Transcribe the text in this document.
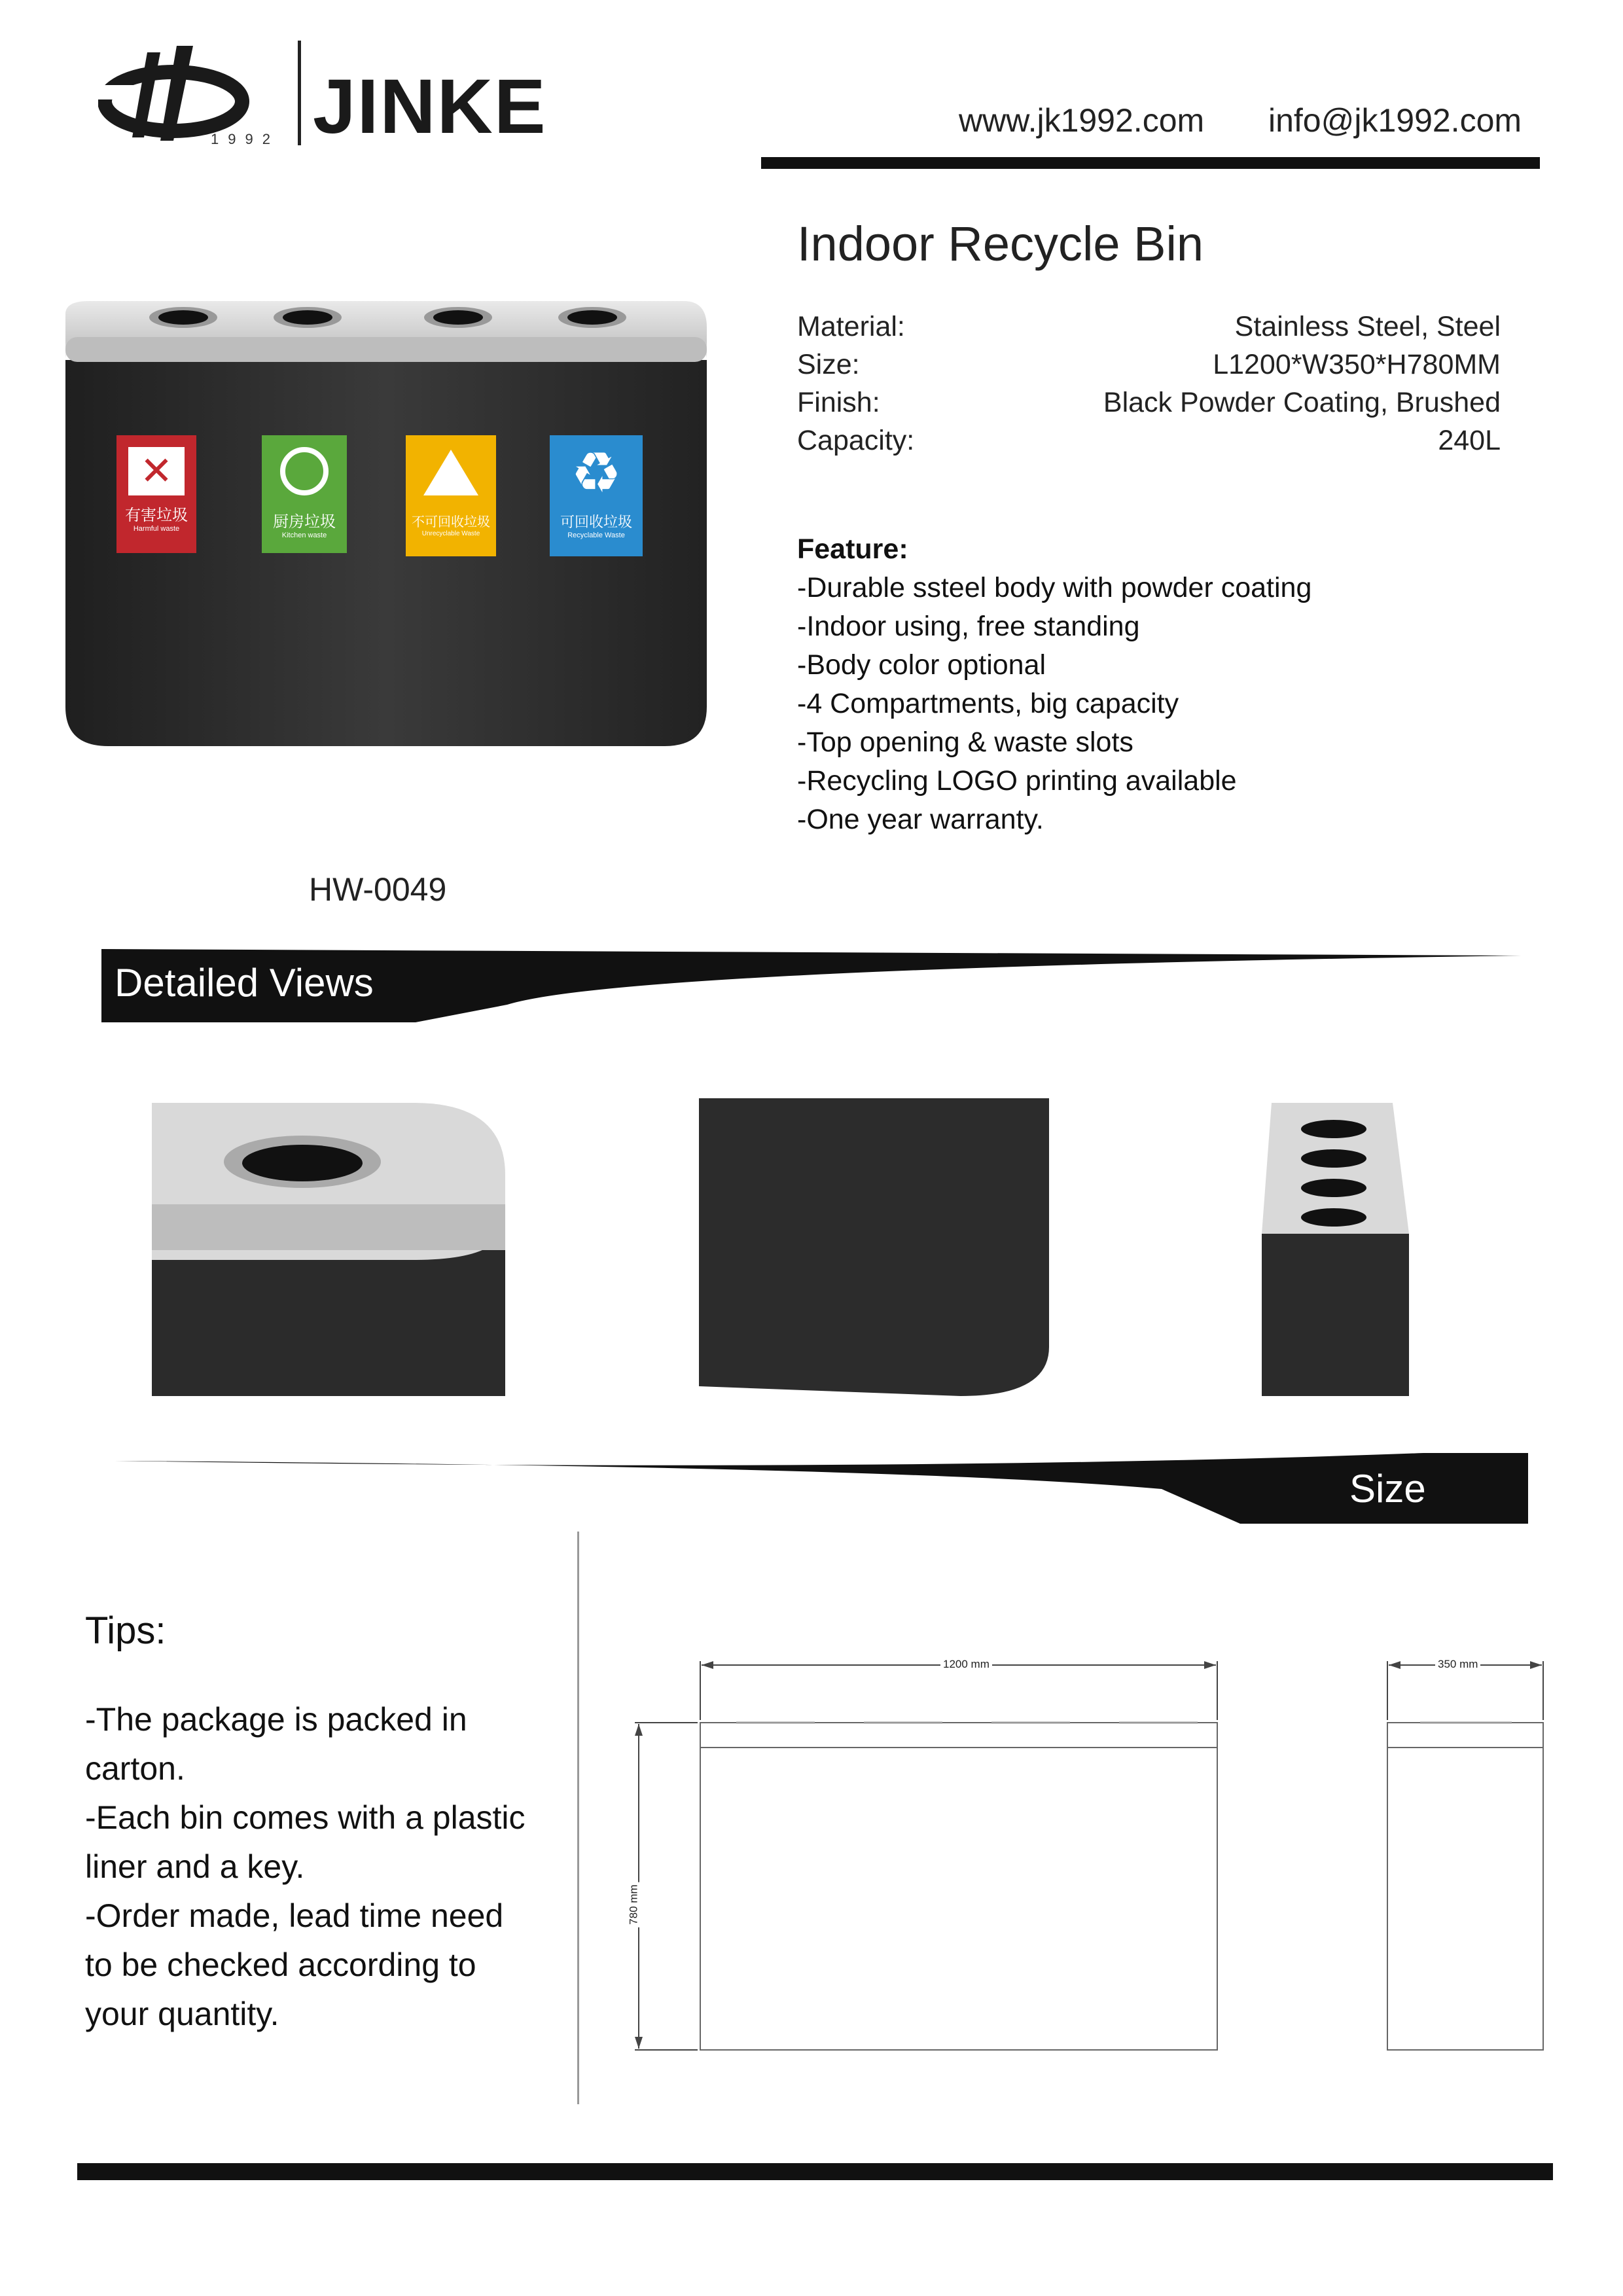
1992 JINKE	www.jk1992.com info@jk1992.com
✕
有害垃圾
Harmful waste	厨房垃圾
Kitchen waste
不可回收垃圾
Unrecyclable Waste
♻
可回收垃圾
Recyclable Waste
HW-0049
Indoor Recycle Bin
Material:	Stainless Steel, Steel
Size:	L1200*W350*H780MM
Finish:	Black Powder Coating, Brushed
Capacity:	240L
Feature:
-Durable ssteel body with powder coating
-Indoor using, free standing
-Body color optional
-4 Compartments, big capacity
-Top opening & waste slots
-Recycling LOGO printing available
-One year warranty.
Detailed Views
Size
Tips:
-The package is packed in
carton.
-Each bin comes with a plastic
liner and a key.
-Order made, lead time need
to be checked according to
your quantity.
1200 mm	350 mm
780 mm
